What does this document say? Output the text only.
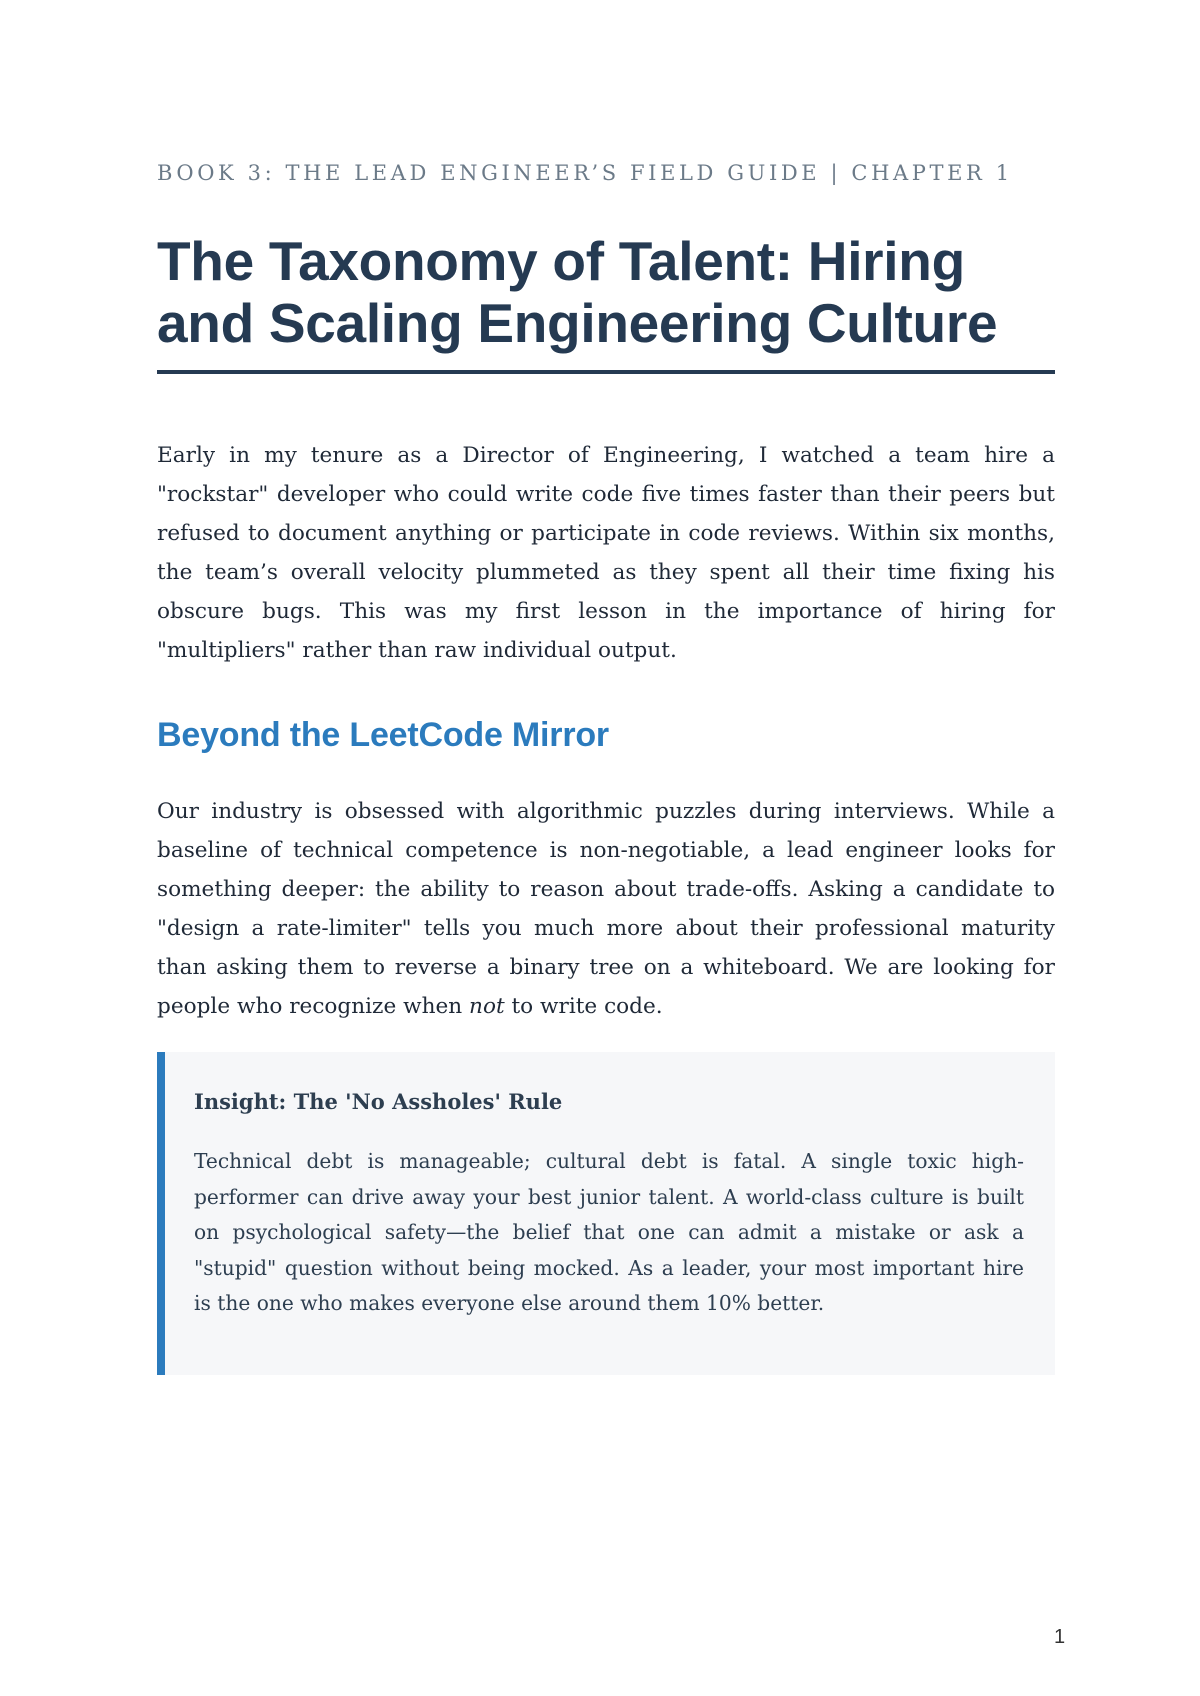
BOOK 3: THE LEAD ENGINEER’S FIELD GUIDE | CHAPTER 1
The Taxonomy of Talent: Hiring
and Scaling Engineering Culture

Early in my tenure as a Director of Engineering, I watched a team hire a "rockstar" developer who could write code five times faster than their peers but refused to document anything or participate in code reviews. Within six months, the team’s overall velocity plummeted as they spent all their time fixing his obscure bugs. This was my first lesson in the importance of hiring for "multipliers" rather than raw individual output.

Beyond the LeetCode Mirror

Our industry is obsessed with algorithmic puzzles during interviews. While a baseline of technical competence is non-negotiable, a lead engineer looks for something deeper: the ability to reason about trade-offs. Asking a candidate to "design a rate-limiter" tells you much more about their professional maturity than asking them to reverse a binary tree on a whiteboard. We are looking for people who recognize when not to write code.

Insight: The 'No Assholes' Rule

Technical debt is manageable; cultural debt is fatal. A single toxic high-performer can drive away your best junior talent. A world-class culture is built on psychological safety—the belief that one can admit a mistake or ask a "stupid" question without being mocked. As a leader, your most important hire is the one who makes everyone else around them 10% better.

1
